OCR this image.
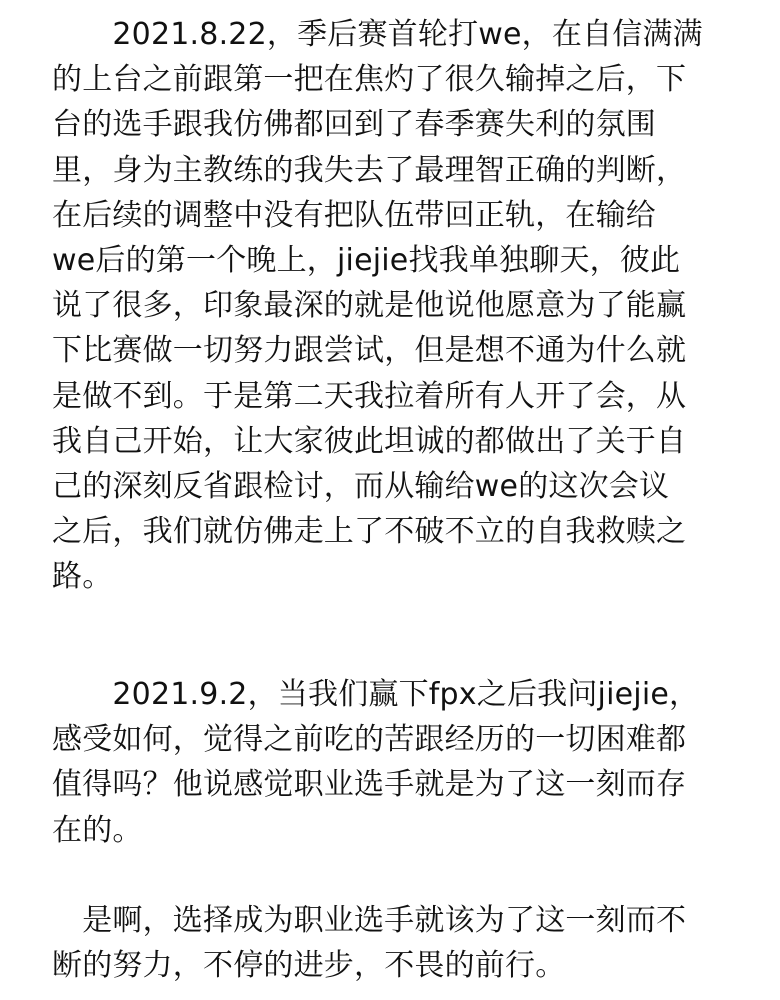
　　2021.8.22，季后赛首轮打we，在自信满满
的上台之前跟第一把在焦灼了很久输掉之后，下
台的选手跟我仿佛都回到了春季赛失利的氛围
里，身为主教练的我失去了最理智正确的判断，
在后续的调整中没有把队伍带回正轨，在输给
we后的第一个晚上，jiejie找我单独聊天，彼此
说了很多，印象最深的就是他说他愿意为了能赢
下比赛做一切努力跟尝试，但是想不通为什么就
是做不到。于是第二天我拉着所有人开了会，从
我自己开始，让大家彼此坦诚的都做出了关于自
己的深刻反省跟检讨，而从输给we的这次会议
之后，我们就仿佛走上了不破不立的自我救赎之
路。

　　2021.9.2，当我们赢下fpx之后我问jiejie，
感受如何，觉得之前吃的苦跟经历的一切困难都
值得吗？他说感觉职业选手就是为了这一刻而存
在的。

　是啊，选择成为职业选手就该为了这一刻而不
断的努力，不停的进步，不畏的前行。
